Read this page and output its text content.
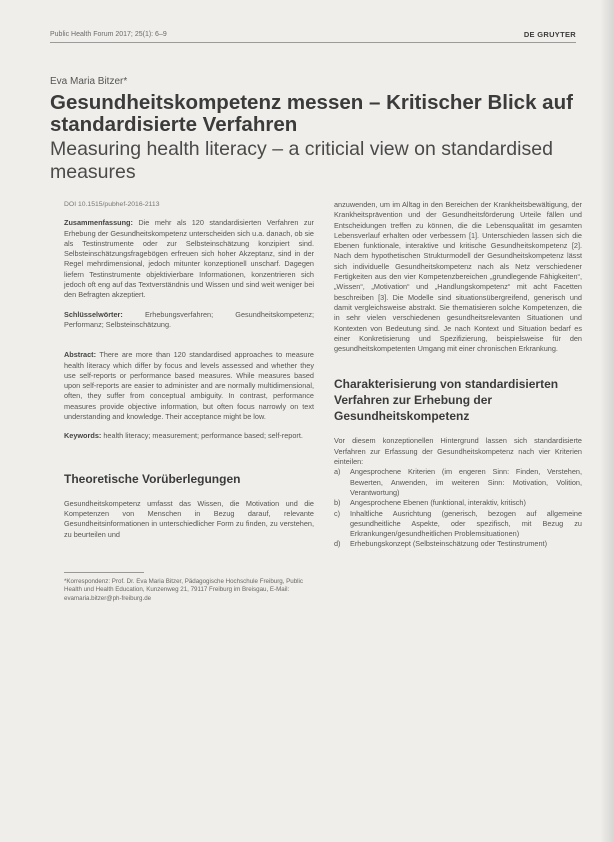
Public Health Forum 2017; 25(1): 6–9	DE GRUYTER
Eva Maria Bitzer*
Gesundheitskompetenz messen – Kritischer Blick auf standardisierte Verfahren
Measuring health literacy – a criticial view on standardised measures
DOI 10.1515/pubhef-2016-2113

Zusammenfassung: Die mehr als 120 standardisierten Verfahren zur Erhebung der Gesundheitskompetenz unterscheiden sich u.a. danach, ob sie als Testinstrumente oder zur Selbsteinschätzung konzipiert sind. Selbsteinschätzungsfragebögen erfreuen sich hoher Akzeptanz, sind in der Regel mehrdimensional, jedoch mitunter konzeptionell unscharf. Dagegen liefern Testinstrumente objektivierbare Informationen, konzentrieren sich jedoch oft eng auf das Textverständnis und Wissen und sind weit weniger bei den Befragten akzeptiert.

Schlüsselwörter:	Erhebungsverfahren; Gesundheitskompetenz; Performanz; Selbsteinschätzung.

Abstract: There are more than 120 standardised approaches to measure health literacy which differ by focus and levels assessed and whether they use self-reports or performance based measures. While measures based upon self-reports are easier to administer and are normally multidimensional, often, they suffer from conceptual ambiguity. In contrast, performance measures provide objective information, but often focus narrowly on text understanding and knowledge. Their acceptance might be low.

Keywords: health literacy; measurement; performance based; self-report.

Theoretische Vorüberlegungen

Gesundheitskompetenz umfasst das Wissen, die Motivation und die Kompetenzen von Menschen in Bezug darauf, relevante Gesundheitsinformationen in unterschiedlicher Form zu finden, zu verstehen, zu beurteilen und

*Korrespondenz: Prof. Dr. Eva Maria Bitzer, Pädagogische Hochschule Freiburg, Public Health und Health Education, Kunzenweg 21, 79117 Freiburg im Breisgau, E-Mail: evamaria.bitzer@ph-freiburg.de

anzuwenden, um im Alltag in den Bereichen der Krankheitsbewältigung, der Krankheitsprävention und der Gesundheitsförderung Urteile fällen und Entscheidungen treffen zu können, die die Lebensqualität im gesamten Lebensverlauf erhalten oder verbessern [1]. Unterschieden lassen sich die Ebenen funktionale, interaktive und kritische Gesundheitskompetenz [2]. Nach dem hypothetischen Strukturmodell der Gesundheitskompetenz lässt sich individuelle Gesundheitskompetenz nach als Netz verschiedener Fertigkeiten aus den vier Kompetenzbereichen „grundlegende Fähigkeiten“, „Wissen“, „Motivation“ und „Handlungskompetenz“ mit acht Facetten beschreiben [3]. Die Modelle sind situationsübergreifend, generisch und damit vergleichsweise abstrakt. Sie thematisieren solche Kompetenzen, die in sehr vielen verschiedenen gesundheitsrelevanten Situationen und Kontexten von Bedeutung sind. Je nach Kontext und Situation bedarf es einer Konkretisierung und Spezifizierung, beispielsweise für den gesundheitskompetenten Umgang mit einer chronischen Erkrankung.

Charakterisierung von standardisierten Verfahren zur Erhebung der Gesundheitskompetenz

Vor diesem konzeptionellen Hintergrund lassen sich standardisierte Verfahren zur Erfassung der Gesundheitskompetenz nach vier Kriterien einteilen:

a)	Angesprochene Kriterien (im engeren Sinn: Finden, Verstehen, Bewerten, Anwenden, im weiteren Sinn: Motivation, Volition, Verantwortung)
b)	Angesprochene Ebenen (funktional, interaktiv, kritisch)
c)	Inhaltliche Ausrichtung (generisch, bezogen auf allgemeine gesundheitliche Aspekte, oder spezifisch, mit Bezug zu Erkrankungen/gesundheitlichen Problemsituationen)
d)	Erhebungskonzept (Selbsteinschätzung oder Testinstrument)
